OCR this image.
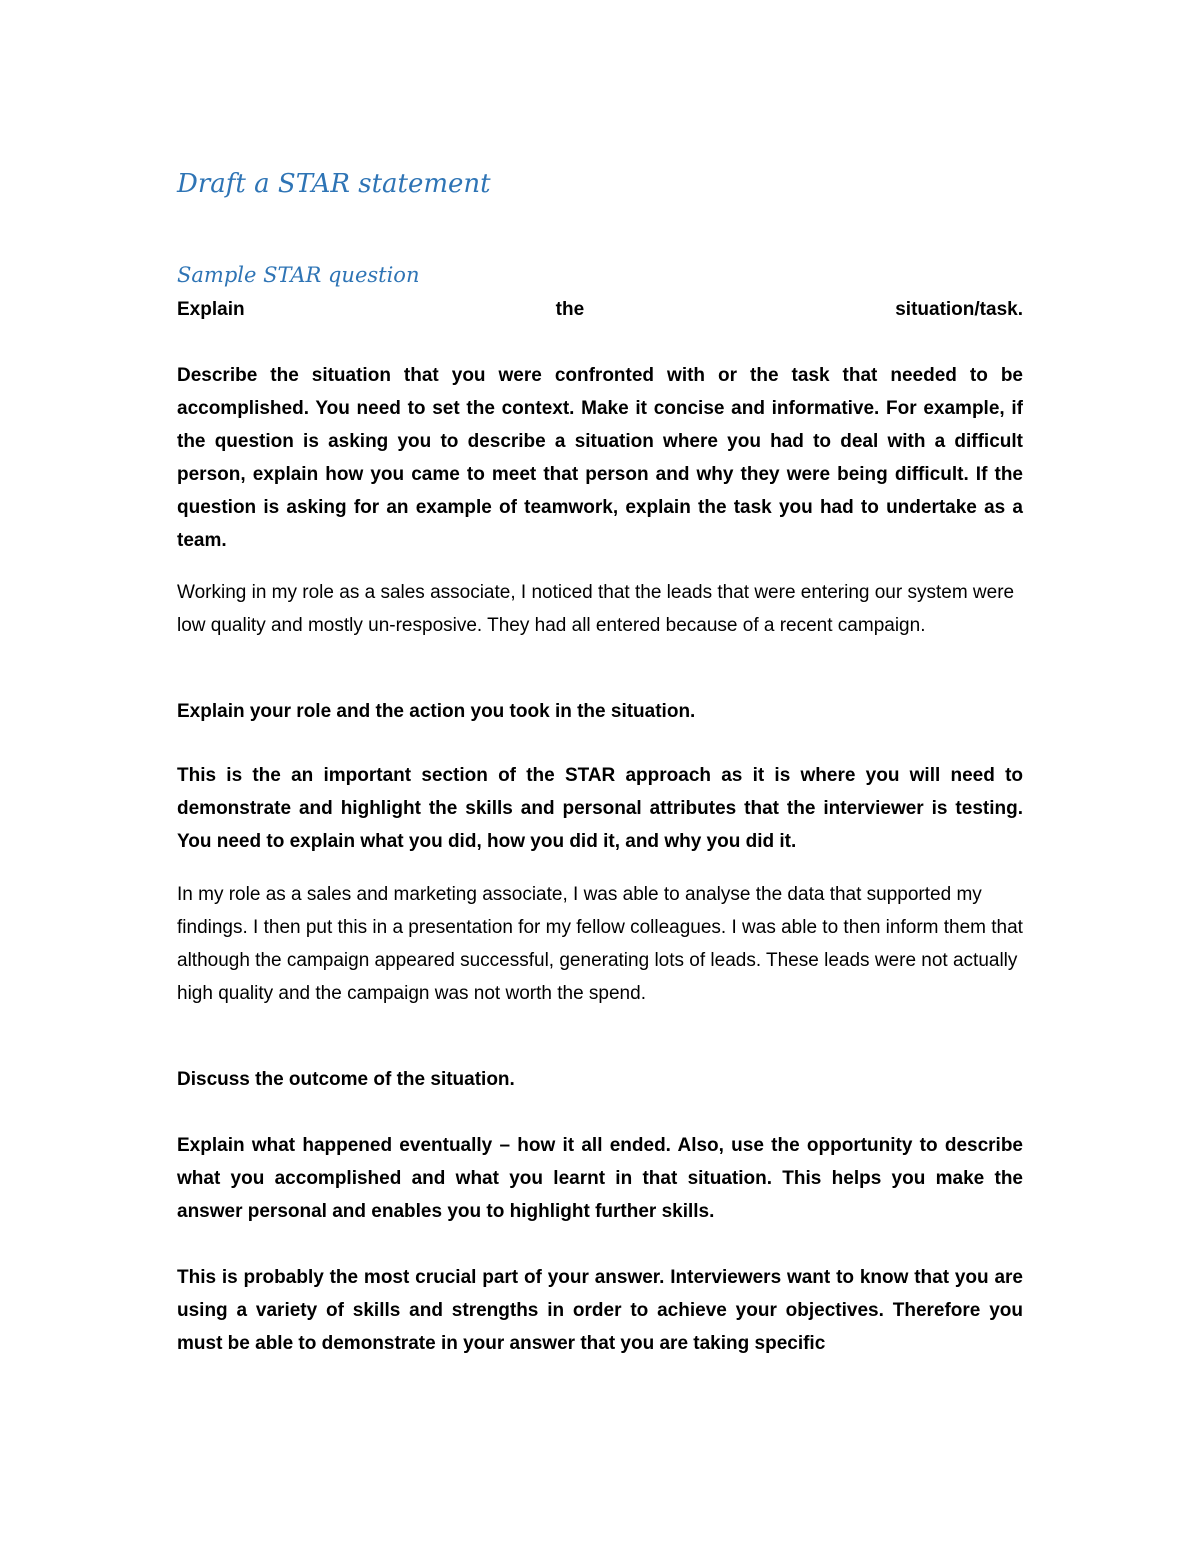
Draft a STAR statement
Sample STAR question
Explain	the	situation/task.

Describe the situation that you were confronted with or the task that needed to be accomplished. You need to set the context. Make it concise and informative. For example, if the question is asking you to describe a situation where you had to deal with a difficult person, explain how you came to meet that person and why they were being difficult. If the question is asking for an example of teamwork, explain the task you had to undertake as a team.

Working in my role as a sales associate, I noticed that the leads that were entering our system were low quality and mostly un-resposive. They had all entered because of a recent campaign.

Explain your role and the action you took in the situation.

This is the an important section of the STAR approach as it is where you will need to demonstrate and highlight the skills and personal attributes that the interviewer is testing. You need to explain what you did, how you did it, and why you did it.

In my role as a sales and marketing associate, I was able to analyse the data that supported my findings. I then put this in a presentation for my fellow colleagues. I was able to then inform them that although the campaign appeared successful, generating lots of leads. These leads were not actually high quality and the campaign was not worth the spend.

Discuss the outcome of the situation.

Explain what happened eventually – how it all ended. Also, use the opportunity to describe what you accomplished and what you learnt in that situation. This helps you make the answer personal and enables you to highlight further skills.

This is probably the most crucial part of your answer. Interviewers want to know that you are using a variety of skills and strengths in order to achieve your objectives. Therefore you must be able to demonstrate in your answer that you are taking specific
